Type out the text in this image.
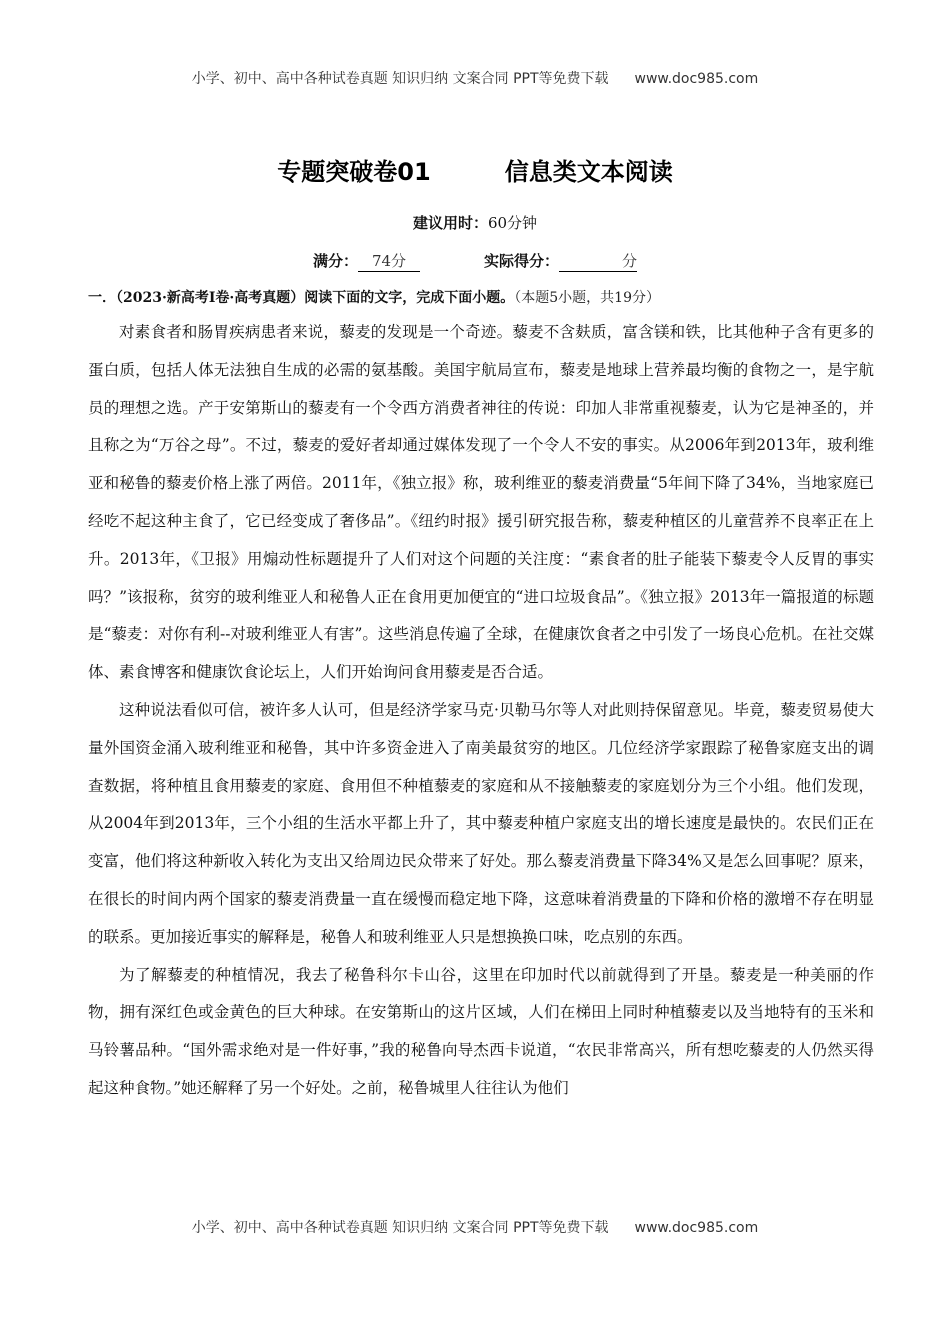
小学、初中、高中各种试卷真题 知识归纳 文案合同 PPT等免费下载 www.doc985.com
专题突破卷01	信息类文本阅读
建议用时：60分钟
满分： 74分	实际得分：	分
一．（2023·新高考Ⅰ卷·高考真题）阅读下面的文字，完成下面小题。（本题5小题，共19分）

对素食者和肠胃疾病患者来说，藜麦的发现是一个奇迹。藜麦不含麸质，富含镁和铁，比其他种子含有更多的蛋白质，包括人体无法独自生成的必需的氨基酸。美国宇航局宣布，藜麦是地球上营养最均衡的食物之一，是宇航员的理想之选。产于安第斯山的藜麦有一个令西方消费者神往的传说：印加人非常重视藜麦，认为它是神圣的，并且称之为“万谷之母”。不过，藜麦的爱好者却通过媒体发现了一个令人不安的事实。从2006年到2013年，玻利维亚和秘鲁的藜麦价格上涨了两倍。2011年，《独立报》称，玻利维亚的藜麦消费量“5年间下降了34%，当地家庭已经吃不起这种主食了，它已经变成了奢侈品”。《纽约时报》援引研究报告称，藜麦种植区的儿童营养不良率正在上升。2013年，《卫报》用煽动性标题提升了人们对这个问题的关注度：“素食者的肚子能装下藜麦令人反胃的事实吗？”该报称，贫穷的玻利维亚人和秘鲁人正在食用更加便宜的“进口垃圾食品”。《独立报》2013年一篇报道的标题是“藜麦：对你有利--对玻利维亚人有害”。这些消息传遍了全球，在健康饮食者之中引发了一场良心危机。在社交媒体、素食博客和健康饮食论坛上，人们开始询问食用藜麦是否合适。

这种说法看似可信，被许多人认可，但是经济学家马克·贝勒马尔等人对此则持保留意见。毕竟，藜麦贸易使大量外国资金涌入玻利维亚和秘鲁，其中许多资金进入了南美最贫穷的地区。几位经济学家跟踪了秘鲁家庭支出的调查数据，将种植且食用藜麦的家庭、食用但不种植藜麦的家庭和从不接触藜麦的家庭划分为三个小组。他们发现，从2004年到2013年，三个小组的生活水平都上升了，其中藜麦种植户家庭支出的增长速度是最快的。农民们正在变富，他们将这种新收入转化为支出又给周边民众带来了好处。那么藜麦消费量下降34%又是怎么回事呢？原来，在很长的时间内两个国家的藜麦消费量一直在缓慢而稳定地下降，这意味着消费量的下降和价格的激增不存在明显的联系。更加接近事实的解释是，秘鲁人和玻利维亚人只是想换换口味，吃点别的东西。

为了解藜麦的种植情况，我去了秘鲁科尔卡山谷，这里在印加时代以前就得到了开垦。藜麦是一种美丽的作物，拥有深红色或金黄色的巨大种球。在安第斯山的这片区域，人们在梯田上同时种植藜麦以及当地特有的玉米和马铃薯品种。“国外需求绝对是一件好事，”我的秘鲁向导杰西卡说道，“农民非常高兴，所有想吃藜麦的人仍然买得起这种食物。”她还解释了另一个好处。之前，秘鲁城里人往往认为他们

小学、初中、高中各种试卷真题 知识归纳 文案合同 PPT等免费下载 www.doc985.com
